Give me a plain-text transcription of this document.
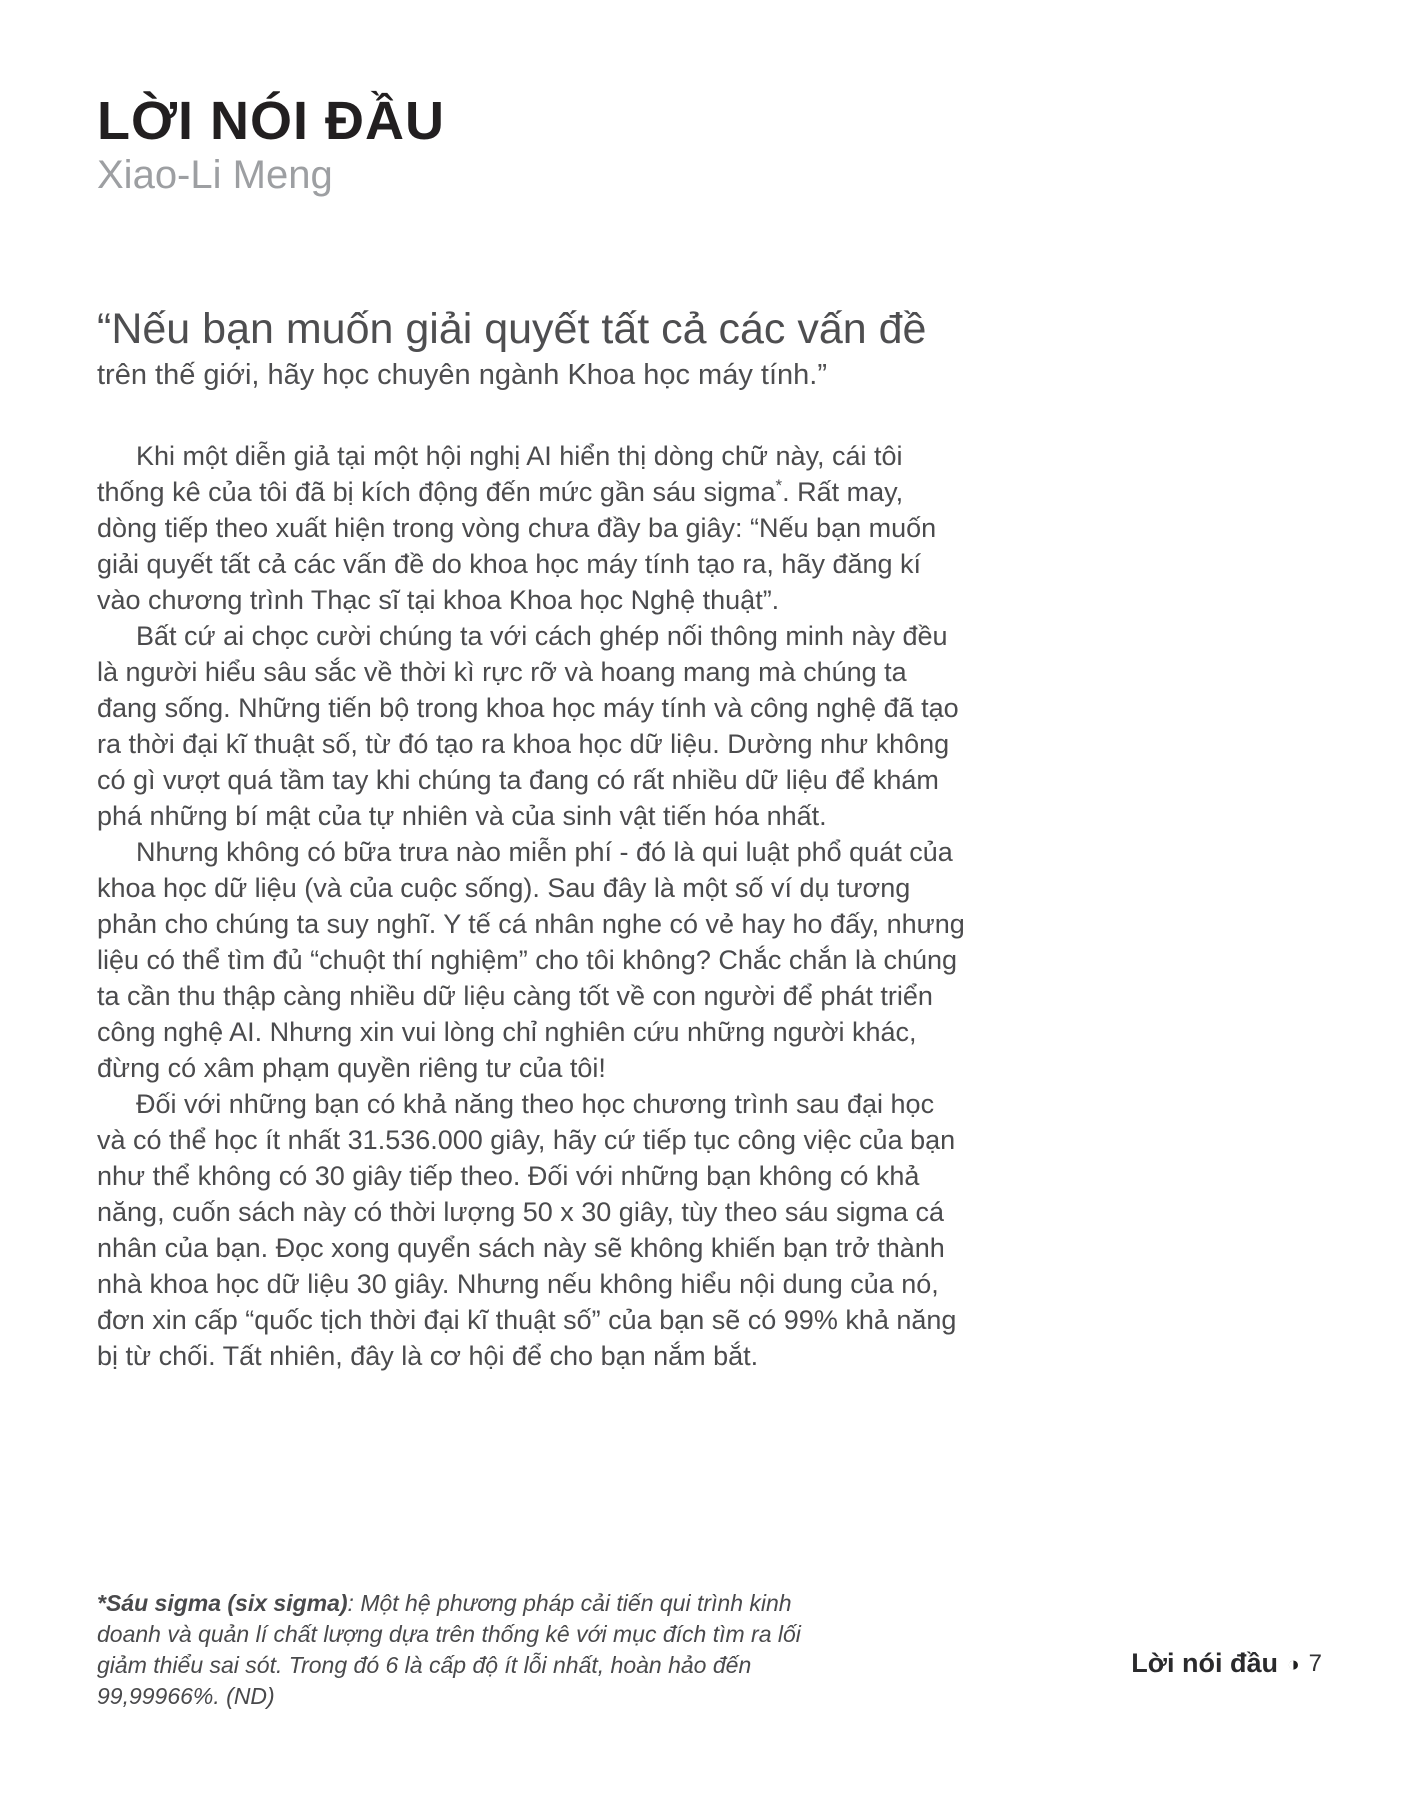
LỜI NÓI ĐẦU
Xiao-Li Meng
“Nếu bạn muốn giải quyết tất cả các vấn đề
trên thế giới, hãy học chuyên ngành Khoa học máy tính.”

Khi một diễn giả tại một hội nghị AI hiển thị dòng chữ này, cái tôi thống kê của tôi đã bị kích động đến mức gần sáu sigma*. Rất may, dòng tiếp theo xuất hiện trong vòng chưa đầy ba giây: “Nếu bạn muốn giải quyết tất cả các vấn đề do khoa học máy tính tạo ra, hãy đăng kí vào chương trình Thạc sĩ tại khoa Khoa học Nghệ thuật”.

Bất cứ ai chọc cười chúng ta với cách ghép nối thông minh này đều là người hiểu sâu sắc về thời kì rực rỡ và hoang mang mà chúng ta đang sống. Những tiến bộ trong khoa học máy tính và công nghệ đã tạo ra thời đại kĩ thuật số, từ đó tạo ra khoa học dữ liệu. Dường như không có gì vượt quá tầm tay khi chúng ta đang có rất nhiều dữ liệu để khám phá những bí mật của tự nhiên và của sinh vật tiến hóa nhất.

Nhưng không có bữa trưa nào miễn phí - đó là qui luật phổ quát của khoa học dữ liệu (và của cuộc sống). Sau đây là một số ví dụ tương phản cho chúng ta suy nghĩ. Y tế cá nhân nghe có vẻ hay ho đấy, nhưng liệu có thể tìm đủ “chuột thí nghiệm” cho tôi không? Chắc chắn là chúng ta cần thu thập càng nhiều dữ liệu càng tốt về con người để phát triển công nghệ AI. Nhưng xin vui lòng chỉ nghiên cứu những người khác, đừng có xâm phạm quyền riêng tư của tôi!

Đối với những bạn có khả năng theo học chương trình sau đại học và có thể học ít nhất 31.536.000 giây, hãy cứ tiếp tục công việc của bạn như thể không có 30 giây tiếp theo. Đối với những bạn không có khả năng, cuốn sách này có thời lượng 50 x 30 giây, tùy theo sáu sigma cá nhân của bạn. Đọc xong quyển sách này sẽ không khiến bạn trở thành nhà khoa học dữ liệu 30 giây. Nhưng nếu không hiểu nội dung của nó, đơn xin cấp “quốc tịch thời đại kĩ thuật số” của bạn sẽ có 99% khả năng bị từ chối. Tất nhiên, đây là cơ hội để cho bạn nắm bắt.

*Sáu sigma (six sigma): Một hệ phương pháp cải tiến qui trình kinh doanh và quản lí chất lượng dựa trên thống kê với mục đích tìm ra lối giảm thiểu sai sót. Trong đó 6 là cấp độ ít lỗi nhất, hoàn hảo đến 99,99966%. (ND)
Lời nói đầu ◑ 7
